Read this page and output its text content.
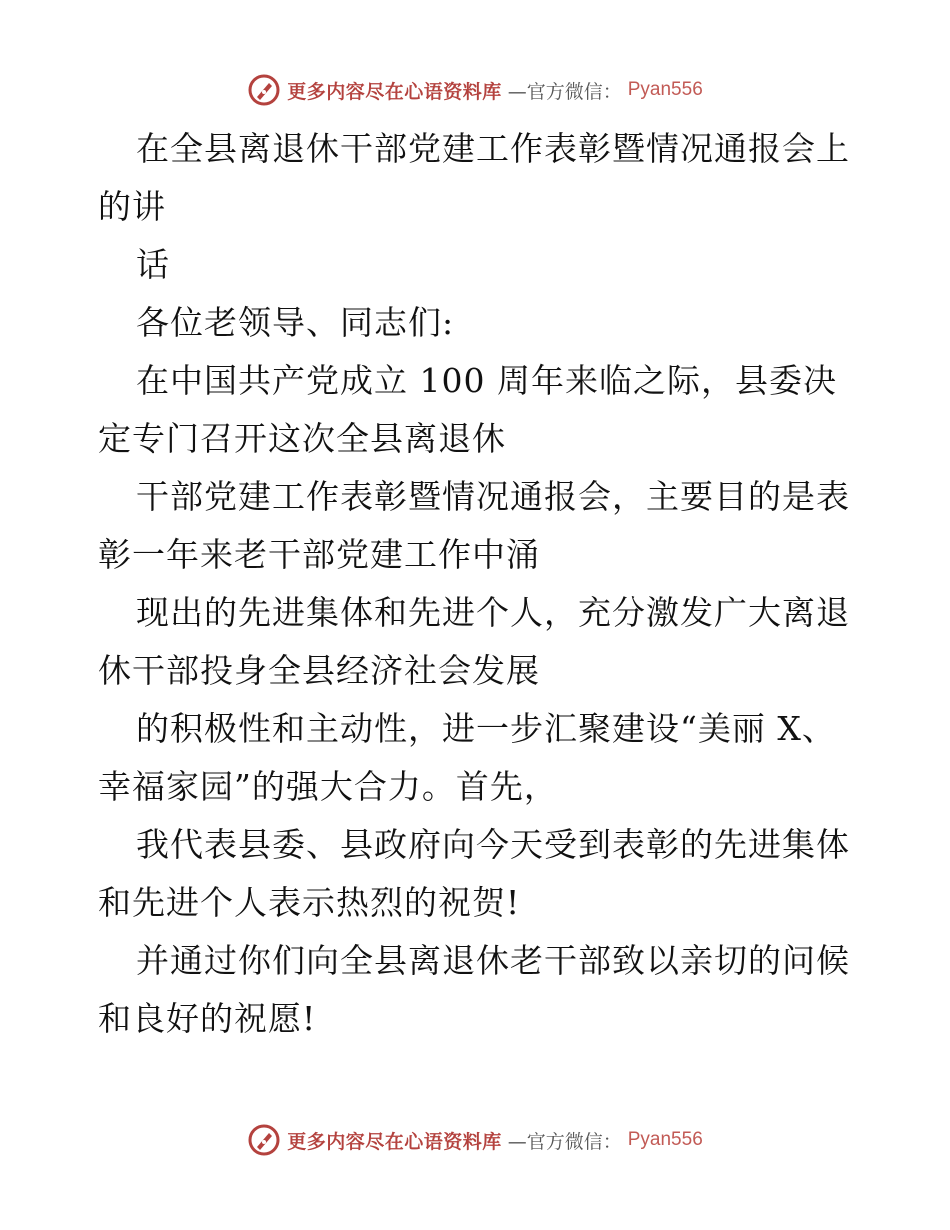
更多内容尽在心语资料库 —官方微信： Pyan556
在全县离退休干部党建工作表彰暨情况通报会上
的讲
话
各位老领导、同志们:
在中国共产党成立 100 周年来临之际，县委决
定专门召开这次全县离退休
干部党建工作表彰暨情况通报会，主要目的是表
彰一年来老干部党建工作中涌
现出的先进集体和先进个人，充分激发广大离退
休干部投身全县经济社会发展
的积极性和主动性，进一步汇聚建设“美丽 X、
幸福家园”的强大合力。首先，
我代表县委、县政府向今天受到表彰的先进集体
和先进个人表示热烈的祝贺!
并通过你们向全县离退休老干部致以亲切的问候
和良好的祝愿!
更多内容尽在心语资料库 —官方微信： Pyan556
